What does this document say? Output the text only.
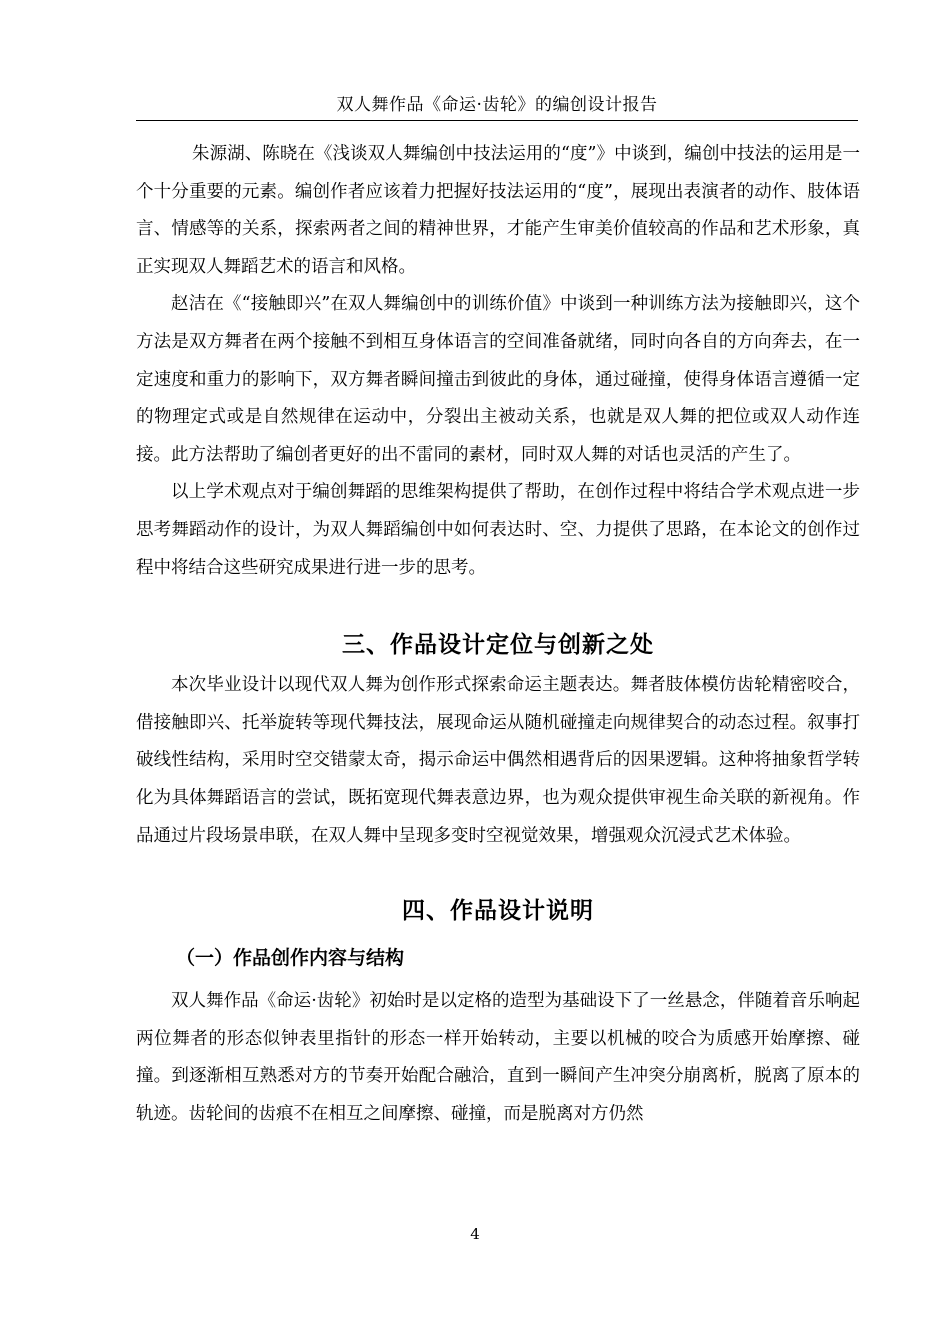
双人舞作品《命运·齿轮》的编创设计报告

朱源湖、陈晓在《浅谈双人舞编创中技法运用的“度”》中谈到，编创中技法的运用是一个十分重要的元素。编创作者应该着力把握好技法运用的“度”，展现出表演者的动作、肢体语言、情感等的关系，探索两者之间的精神世界，才能产生审美价值较高的作品和艺术形象，真正实现双人舞蹈艺术的语言和风格。

赵洁在《“接触即兴”在双人舞编创中的训练价值》中谈到一种训练方法为接触即兴，这个方法是双方舞者在两个接触不到相互身体语言的空间准备就绪，同时向各自的方向奔去，在一定速度和重力的影响下，双方舞者瞬间撞击到彼此的身体，通过碰撞，使得身体语言遵循一定的物理定式或是自然规律在运动中，分裂出主被动关系，也就是双人舞的把位或双人动作连接。此方法帮助了编创者更好的出不雷同的素材，同时双人舞的对话也灵活的产生了。

以上学术观点对于编创舞蹈的思维架构提供了帮助，在创作过程中将结合学术观点进一步思考舞蹈动作的设计，为双人舞蹈编创中如何表达时、空、力提供了思路，在本论文的创作过程中将结合这些研究成果进行进一步的思考。

三、作品设计定位与创新之处

本次毕业设计以现代双人舞为创作形式探索命运主题表达。舞者肢体模仿齿轮精密咬合，借接触即兴、托举旋转等现代舞技法，展现命运从随机碰撞走向规律契合的动态过程。叙事打破线性结构，采用时空交错蒙太奇，揭示命运中偶然相遇背后的因果逻辑。这种将抽象哲学转化为具体舞蹈语言的尝试，既拓宽现代舞表意边界，也为观众提供审视生命关联的新视角。作品通过片段场景串联，在双人舞中呈现多变时空视觉效果，增强观众沉浸式艺术体验。

四、作品设计说明
（一）作品创作内容与结构

双人舞作品《命运·齿轮》初始时是以定格的造型为基础设下了一丝悬念，伴随着音乐响起两位舞者的形态似钟表里指针的形态一样开始转动，主要以机械的咬合为质感开始摩擦、碰撞。到逐渐相互熟悉对方的节奏开始配合融洽，直到一瞬间产生冲突分崩离析，脱离了原本的轨迹。齿轮间的齿痕不在相互之间摩擦、碰撞，而是脱离对方仍然

4
